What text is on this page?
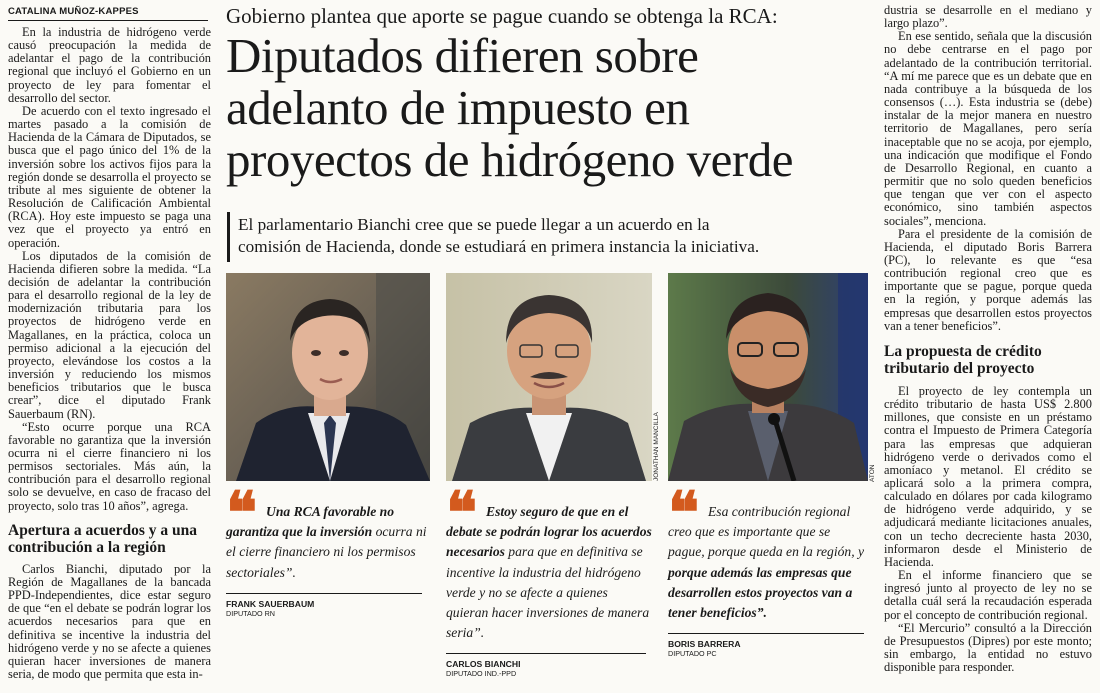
CATALINA MUÑOZ-KAPPES

En la industria de hidrógeno verde causó preocupación la medida de adelantar el pago de la contribución regional que incluyó el Gobierno en un proyecto de ley para fomentar el desarrollo del sector.

De acuerdo con el texto ingresado el martes pasado a la comisión de Hacienda de la Cámara de Diputados, se busca que el pago único del 1% de la inversión sobre los activos fijos para la región donde se desarrolla el proyecto se tribute al mes siguiente de obtener la Resolución de Calificación Ambiental (RCA). Hoy este impuesto se paga una vez que el proyecto ya entró en operación.

Los diputados de la comisión de Hacienda difieren sobre la medida. “La decisión de adelantar la contribución para el desarrollo regional de la ley de modernización tributaria para los proyectos de hidrógeno verde en Magallanes, en la práctica, coloca un permiso adicional a la ejecución del proyecto, elevándose los costos a la inversión y reduciendo los mismos beneficios tributarios que le busca crear”, dice el diputado Frank Sauerbaum (RN).

“Esto ocurre porque una RCA favorable no garantiza que la inversión ocurra ni el cierre financiero ni los permisos sectoriales. Más aún, la contribución para el desarrollo regional solo se devuelve, en caso de fracaso del proyecto, solo tras 10 años”, agrega.

Apertura a acuerdos y a una contribución a la región

Carlos Bianchi, diputado por la Región de Magallanes de la bancada PPD-Independientes, dice estar seguro de que “en el debate se podrán lograr los acuerdos necesarios para que en definitiva se incentive la industria del hidrógeno verde y no se afecte a quienes quieran hacer inversiones de manera seria, de modo que permita que esta in-

Gobierno plantea que aporte se pague cuando se obtenga la RCA:
Diputados difieren sobre
adelanto de impuesto en
proyectos de hidrógeno verde
El parlamentario Bianchi cree que se puede llegar a un acuerdo en la
comisión de Hacienda, donde se estudiará en primera instancia la iniciativa.
JONATHAN MANCILLA	ATON
❝ Una RCA favorable no garantiza que la inversión ocurra ni el cierre financiero ni los permisos sectoriales”.
FRANK SAUERBAUM
DIPUTADO RN
❝ Estoy seguro de que en el debate se podrán lograr los acuerdos necesarios para que en definitiva se incentive la industria del hidrógeno verde y no se afecte a quienes quieran hacer inversiones de manera seria”.
CARLOS BIANCHI
DIPUTADO IND.-PPD
❝ Esa contribución regional creo que es importante que se pague, porque queda en la región, y porque además las empresas que desarrollen estos proyectos van a tener beneficios”.
BORIS BARRERA
DIPUTADO PC

dustria se desarrolle en el mediano y largo plazo”.

En ese sentido, señala que la discusión no debe centrarse en el pago por adelantado de la contribución territorial. “A mí me parece que es un debate que en nada contribuye a la búsqueda de los consensos (…). Esta industria se (debe) instalar de la mejor manera en nuestro territorio de Magallanes, pero sería inaceptable que no se acoja, por ejemplo, una indicación que modifique el Fondo de Desarrollo Regional, en cuanto a permitir que no solo queden beneficios que tengan que ver con el aspecto económico, sino también aspectos sociales”, menciona.

Para el presidente de la comisión de Hacienda, el diputado Boris Barrera (PC), lo relevante es que “esa contribución regional creo que es importante que se pague, porque queda en la región, y porque además las empresas que desarrollen estos proyectos van a tener beneficios”.

La propuesta de crédito tributario del proyecto

El proyecto de ley contempla un crédito tributario de hasta US$ 2.800 millones, que consiste en un préstamo contra el Impuesto de Primera Categoría para las empresas que adquieran hidrógeno verde o derivados como el amoníaco y metanol. El crédito se aplicará solo a la primera compra, calculado en dólares por cada kilogramo de hidrógeno verde adquirido, y se adjudicará mediante licitaciones anuales, con un techo decreciente hasta 2030, informaron desde el Ministerio de Hacienda.

En el informe financiero que se ingresó junto al proyecto de ley no se detalla cuál será la recaudación esperada por el concepto de contribución regional.

“El Mercurio” consultó a la Dirección de Presupuestos (Dipres) por este monto; sin embargo, la entidad no estuvo disponible para responder.
